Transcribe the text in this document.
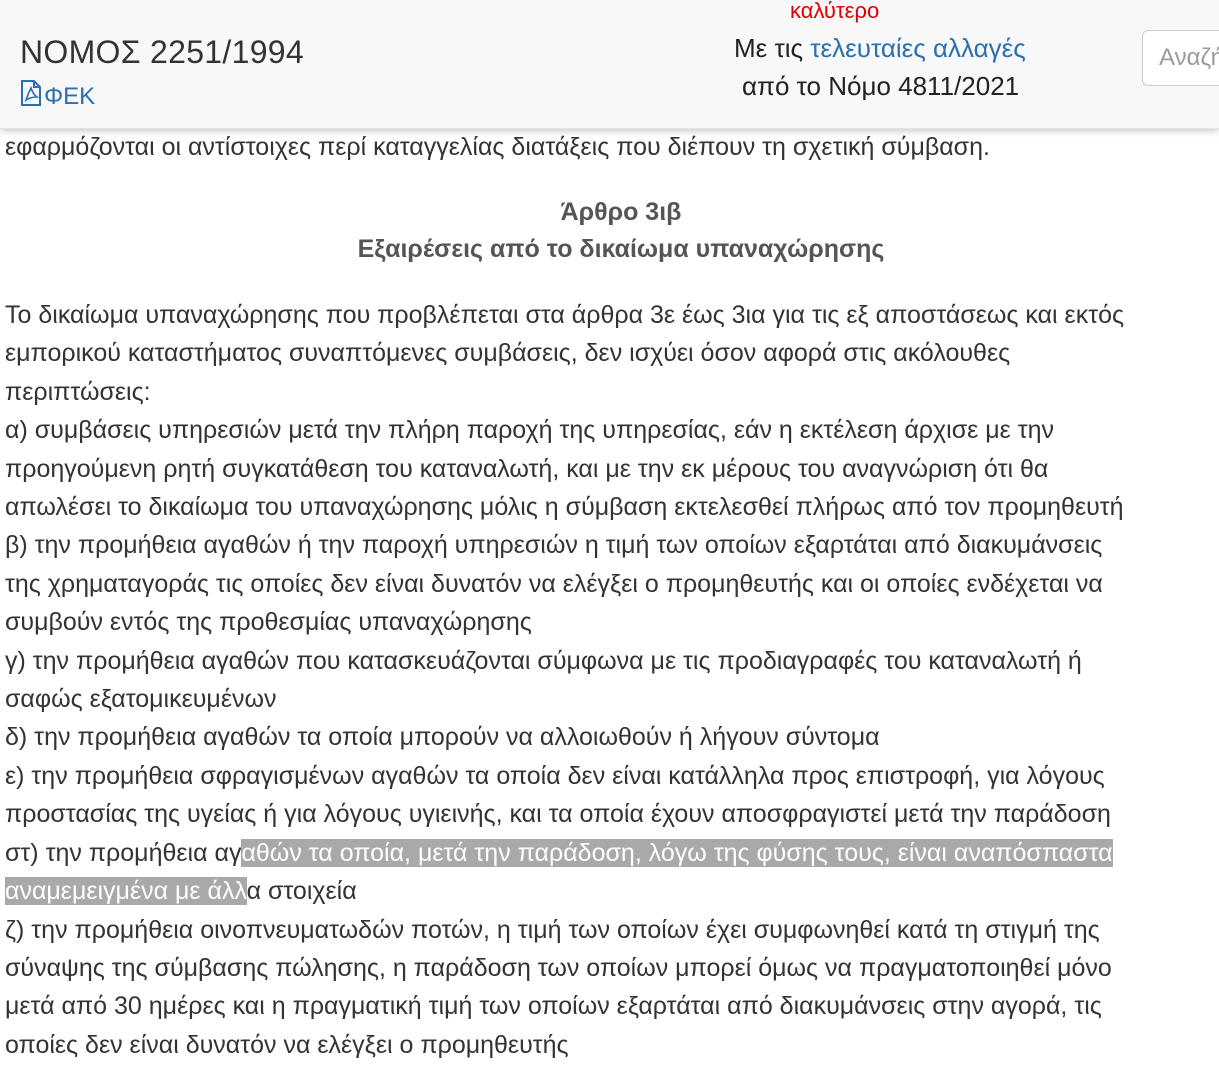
ΝΟΜΟΣ 2251/1994
ΦΕΚ
καλύτερο
Με τις τελευταίες αλλαγές
από το Νόμο 4811/2021
Αναζήτηση

εφαρμόζονται οι αντίστοιχες περί καταγγελίας διατάξεις που διέπουν τη σχετική σύμβαση.

Άρθρο 3ιβ
Εξαιρέσεις από το δικαίωμα υπαναχώρησης

Το δικαίωμα υπαναχώρησης που προβλέπεται στα άρθρα 3ε έως 3ια για τις εξ αποστάσεως και εκτός
εμπορικού καταστήματος συναπτόμενες συμβάσεις, δεν ισχύει όσον αφορά στις ακόλουθες
περιπτώσεις:

α) συμβάσεις υπηρεσιών μετά την πλήρη παροχή της υπηρεσίας, εάν η εκτέλεση άρχισε με την
προηγούμενη ρητή συγκατάθεση του καταναλωτή, και με την εκ μέρους του αναγνώριση ότι θα
απωλέσει το δικαίωμα του υπαναχώρησης μόλις η σύμβαση εκτελεσθεί πλήρως από τον προμηθευτή

β) την προμήθεια αγαθών ή την παροχή υπηρεσιών η τιμή των οποίων εξαρτάται από διακυμάνσεις
της χρηματαγοράς τις οποίες δεν είναι δυνατόν να ελέγξει ο προμηθευτής και οι οποίες ενδέχεται να
συμβούν εντός της προθεσμίας υπαναχώρησης

γ) την προμήθεια αγαθών που κατασκευάζονται σύμφωνα με τις προδιαγραφές του καταναλωτή ή
σαφώς εξατομικευμένων

δ) την προμήθεια αγαθών τα οποία μπορούν να αλλοιωθούν ή λήγουν σύντομα

ε) την προμήθεια σφραγισμένων αγαθών τα οποία δεν είναι κατάλληλα προς επιστροφή, για λόγους
προστασίας της υγείας ή για λόγους υγιεινής, και τα οποία έχουν αποσφραγιστεί μετά την παράδοση

στ) την προμήθεια αγαθών τα οποία, μετά την παράδοση, λόγω της φύσης τους, είναι αναπόσπαστα
αναμεμειγμένα με άλλα στοιχεία

ζ) την προμήθεια οινοπνευματωδών ποτών, η τιμή των οποίων έχει συμφωνηθεί κατά τη στιγμή της
σύναψης της σύμβασης πώλησης, η παράδοση των οποίων μπορεί όμως να πραγματοποιηθεί μόνο
μετά από 30 ημέρες και η πραγματική τιμή των οποίων εξαρτάται από διακυμάνσεις στην αγορά, τις
οποίες δεν είναι δυνατόν να ελέγξει ο προμηθευτής
